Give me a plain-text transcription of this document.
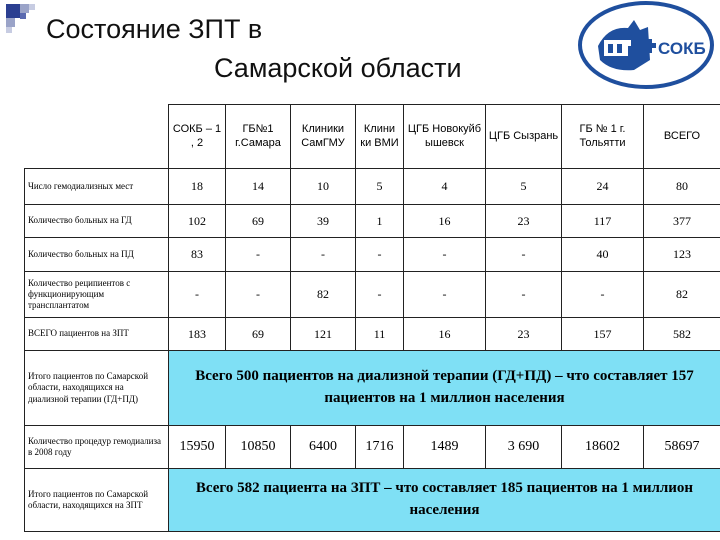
Состояние ЗПТ в
Самарской области
СОКБ
	СОКБ – 1 , 2	ГБ№1 г.Самара	Клиники СамГМУ	Клини ки ВМИ	ЦГБ Новокуйб ышевск	ЦГБ Сызрань	ГБ № 1 г. Тольятти	ВСЕГО
Число гемодиализных мест	18	14	10	5	4	5	24	80
Количество больных на ГД	102	69	39	1	16	23	117	377
Количество больных на ПД	83	-	-	-	-	-	40	123
Количество реципиентов с функционирующим трансплантатом	-	-	82	-	-	-	-	82
ВСЕГО пациентов на ЗПТ	183	69	121	11	16	23	157	582
Итого пациентов по Самарской области, находящихся на диализной терапии (ГД+ПД)	Всего 500 пациентов на диализной терапии (ГД+ПД) – что составляет 157 пациентов на 1 миллион населения							
Количество процедур гемодиализа в 2008 году	15950	10850	6400	1716	1489	3 690	18602	58697
Итого пациентов по Самарской области, находящихся на ЗПТ	Всего 582 пациента на ЗПТ – что составляет 185 пациентов на 1 миллион населения							
